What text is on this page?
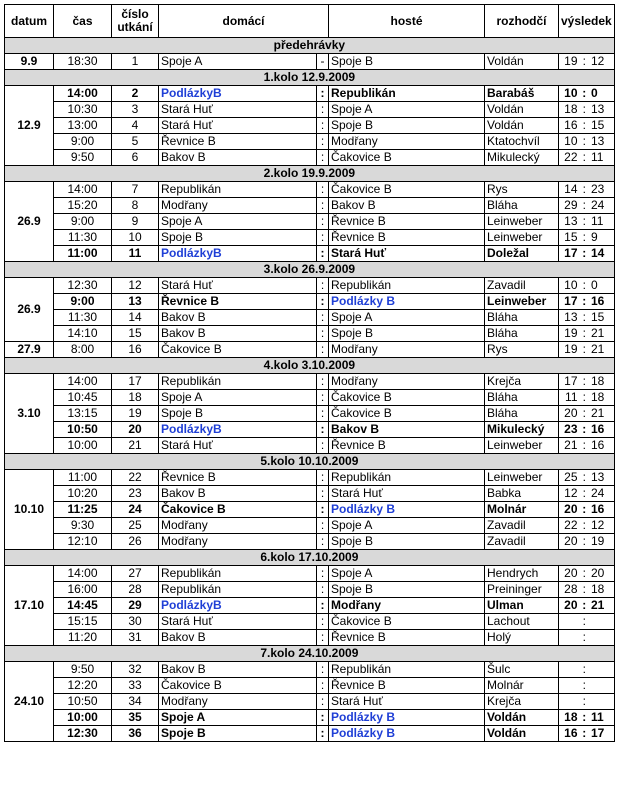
datum	čas	číslo
utkání	domácí		hosté	rozhodčí	výsledek		
předehrávky									
9.9	18:30	1	Spoje A	-	Spoje B	Voldán	19	:	12
1.kolo 12.9.2009									
12.9	14:00	2	PodlázkyB	:	Republikán	Barabáš	10	:	0
	10:30	3	Stará Huť	:	Spoje A	Voldán	18	:	13
	13:00	4	Stará Huť	:	Spoje B	Voldán	16	:	15
	9:00	5	Řevnice B	:	Modřany	Ktatochvíl	10	:	13
	9:50	6	Bakov B	:	Čakovice B	Mikulecký	22	:	11
2.kolo 19.9.2009									
26.9	14:00	7	Republikán	:	Čakovice B	Rys	14	:	23
	15:20	8	Modřany	:	Bakov B	Bláha	29	:	24
	9:00	9	Spoje A	:	Řevnice B	Leinweber	13	:	11
	11:30	10	Spoje B	:	Řevnice B	Leinweber	15	:	9
	11:00	11	PodlázkyB	:	Stará Huť	Doležal	17	:	14
3.kolo 26.9.2009									
26.9	12:30	12	Stará Huť	:	Republikán	Zavadil	10	:	0
	9:00	13	Řevnice B	:	Podlázky B	Leinweber	17	:	16
	11:30	14	Bakov B	:	Spoje A	Bláha	13	:	15
	14:10	15	Bakov B	:	Spoje B	Bláha	19	:	21
27.9	8:00	16	Čakovice B	:	Modřany	Rys	19	:	21
4.kolo 3.10.2009									
3.10	14:00	17	Republikán	:	Modřany	Krejča	17	:	18
	10:45	18	Spoje A	:	Čakovice B	Bláha	11	:	18
	13:15	19	Spoje B	:	Čakovice B	Bláha	20	:	21
	10:50	20	PodlázkyB	:	Bakov B	Mikulecký	23	:	16
	10:00	21	Stará Huť	:	Řevnice B	Leinweber	21	:	16
5.kolo 10.10.2009									
10.10	11:00	22	Řevnice B	:	Republikán	Leinweber	25	:	13
	10:20	23	Bakov B	:	Stará Huť	Babka	12	:	24
	11:25	24	Čakovice B	:	Podlázky B	Molnár	20	:	16
	9:30	25	Modřany	:	Spoje A	Zavadil	22	:	12
	12:10	26	Modřany	:	Spoje B	Zavadil	20	:	19
6.kolo 17.10.2009									
17.10	14:00	27	Republikán	:	Spoje A	Hendrych	20	:	20
	16:00	28	Republikán	:	Spoje B	Preininger	28	:	18
	14:45	29	PodlázkyB	:	Modřany	Ulman	20	:	21
	15:15	30	Stará Huť	:	Čakovice B	Lachout		:	
	11:20	31	Bakov B	:	Řevnice B	Holý		:	
7.kolo 24.10.2009									
24.10	9:50	32	Bakov B	:	Republikán	Šulc		:	
	12:20	33	Čakovice B	:	Řevnice B	Molnár		:	
	10:50	34	Modřany	:	Stará Huť	Krejča		:	
	10:00	35	Spoje A	:	Podlázky B	Voldán	18	:	11
	12:30	36	Spoje B	:	Podlázky B	Voldán	16	:	17
